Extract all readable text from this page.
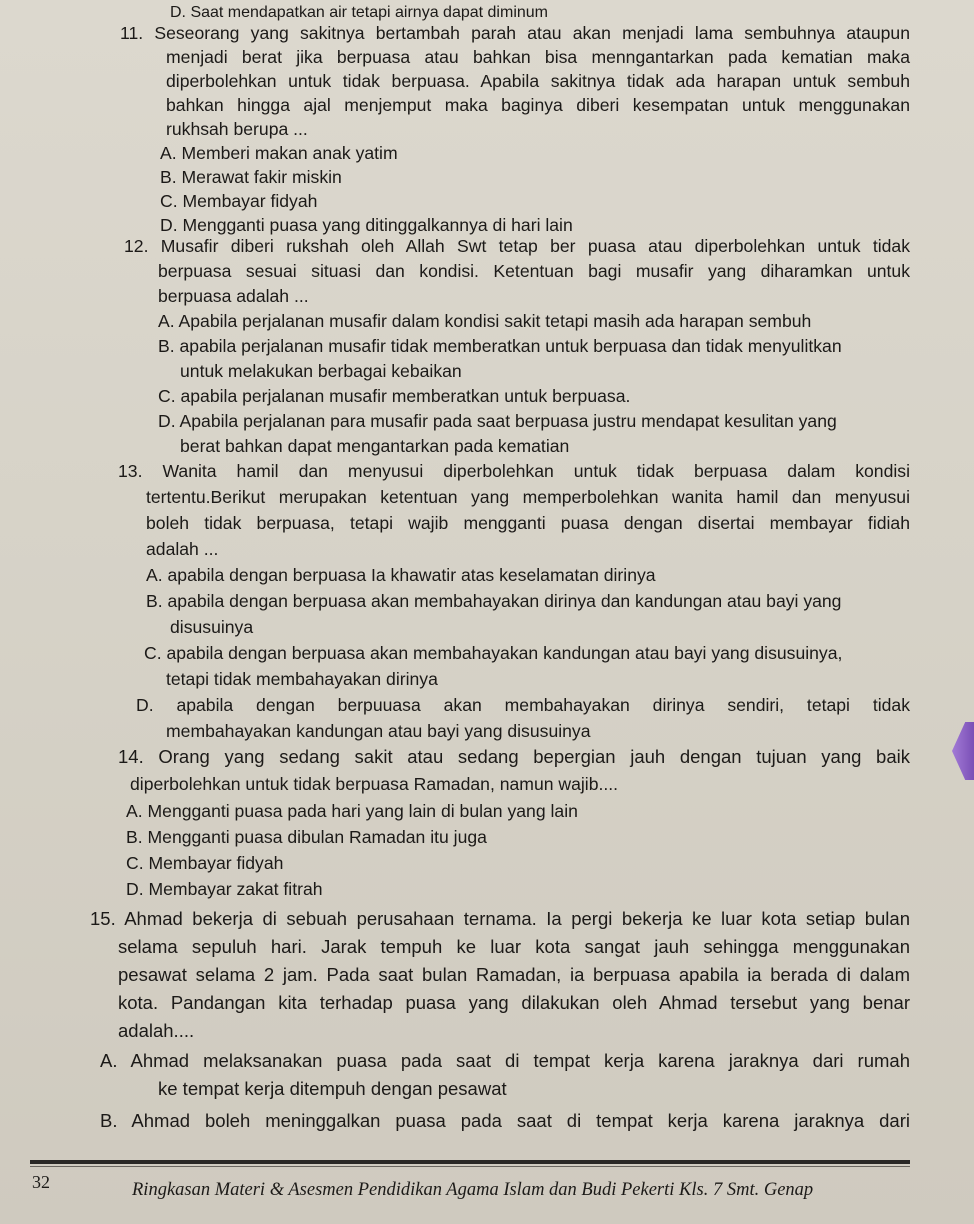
D. Saat mendapatkan air tetapi airnya dapat diminum
11. Seseorang yang sakitnya bertambah parah atau akan menjadi lama sembuhnya ataupun
menjadi berat jika berpuasa atau bahkan bisa menngantarkan pada kematian maka
diperbolehkan untuk tidak berpuasa. Apabila sakitnya tidak ada harapan untuk sembuh
bahkan hingga ajal menjemput maka baginya diberi kesempatan untuk menggunakan
rukhsah berupa ...
A. Memberi makan anak yatim
B. Merawat fakir miskin
C. Membayar fidyah
D. Mengganti puasa yang ditinggalkannya di hari lain
12. Musafir diberi rukshah oleh Allah Swt tetap ber puasa atau diperbolehkan untuk tidak
berpuasa sesuai situasi dan kondisi. Ketentuan bagi musafir yang diharamkan untuk
berpuasa adalah ...
A. Apabila perjalanan musafir dalam kondisi sakit tetapi masih ada harapan sembuh
B. apabila perjalanan musafir tidak memberatkan untuk berpuasa dan tidak menyulitkan
untuk melakukan berbagai kebaikan
C. apabila perjalanan musafir memberatkan untuk berpuasa.
D. Apabila perjalanan para musafir pada saat berpuasa justru mendapat kesulitan yang
berat bahkan dapat mengantarkan pada kematian
13. Wanita hamil dan menyusui diperbolehkan untuk tidak berpuasa dalam kondisi
tertentu.Berikut merupakan ketentuan yang memperbolehkan wanita hamil dan menyusui
boleh tidak berpuasa, tetapi wajib mengganti puasa dengan disertai membayar fidiah
adalah ...
A. apabila dengan berpuasa Ia khawatir atas keselamatan dirinya
B. apabila dengan berpuasa akan membahayakan dirinya dan kandungan atau bayi yang
disusuinya
C. apabila dengan berpuasa akan membahayakan kandungan atau bayi yang disusuinya,
tetapi tidak membahayakan dirinya
D. apabila dengan berpuuasa akan membahayakan dirinya sendiri, tetapi tidak
membahayakan kandungan atau bayi yang disusuinya
14. Orang yang sedang sakit atau sedang bepergian jauh dengan tujuan yang baik
diperbolehkan untuk tidak berpuasa Ramadan, namun wajib....
A. Mengganti puasa pada hari yang lain di bulan yang lain
B. Mengganti puasa dibulan Ramadan itu juga
C. Membayar fidyah
D. Membayar zakat fitrah
15. Ahmad bekerja di sebuah perusahaan ternama. Ia pergi bekerja ke luar kota setiap bulan
selama sepuluh hari. Jarak tempuh ke luar kota sangat jauh sehingga menggunakan
pesawat selama 2 jam. Pada saat bulan Ramadan, ia berpuasa apabila ia berada di dalam
kota. Pandangan kita terhadap puasa yang dilakukan oleh Ahmad tersebut yang benar
adalah....
A. Ahmad melaksanakan puasa pada saat di tempat kerja karena jaraknya dari rumah
ke tempat kerja ditempuh dengan pesawat
B. Ahmad boleh meninggalkan puasa pada saat di tempat kerja karena jaraknya dari
32	Ringkasan Materi & Asesmen Pendidikan Agama Islam dan Budi Pekerti Kls. 7 Smt. Genap
